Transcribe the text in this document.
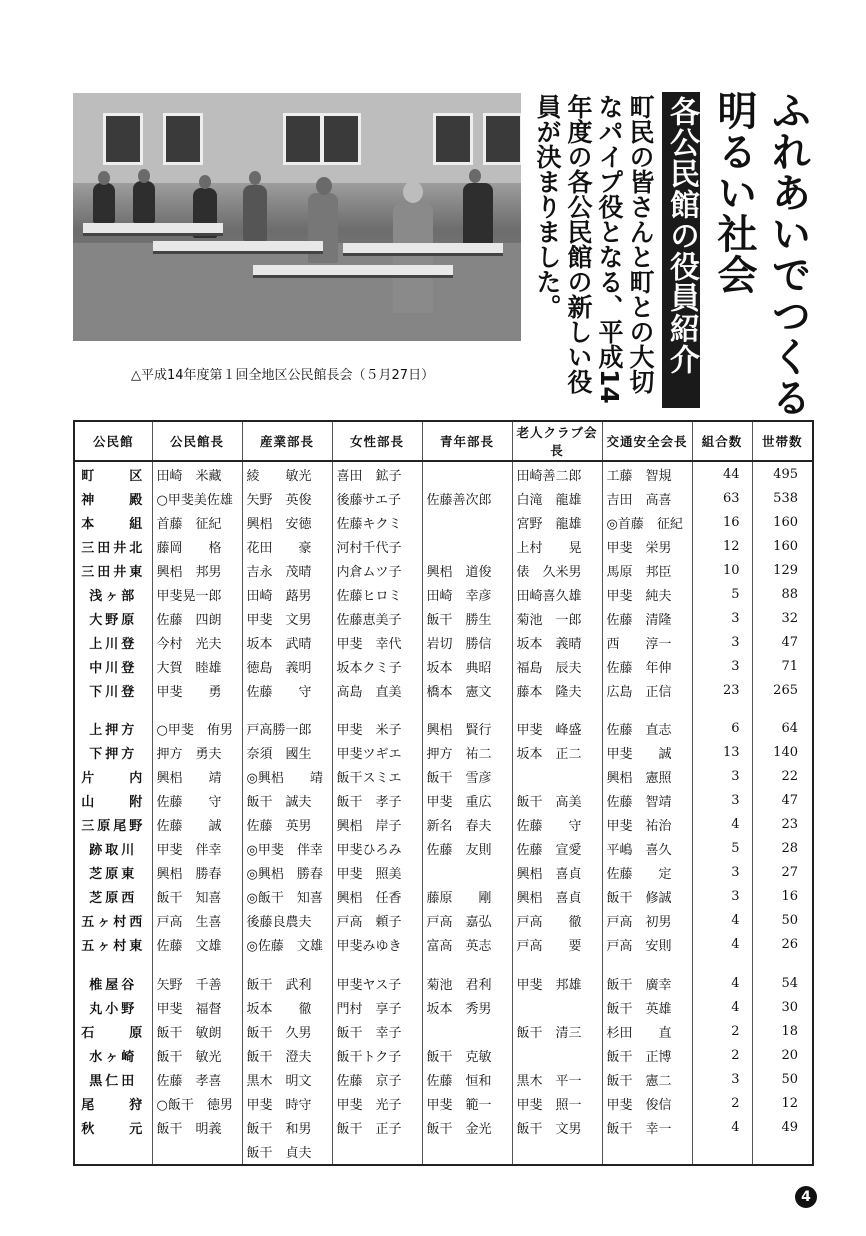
△平成14年度第１回全地区公民館長会（５月27日）	ふれあいでつくる
明るい社会
各公民館の役員紹介
町民の皆さんと町との大切なパイプ役となる、平成14年度の各公民館の新しい役員が決まりました。
公民館	公民館長	産業部長	女性部長	青年部長	老人クラブ会長	交通安全会長	組合数	世帯数
町　　区	田崎　米藏	綾　　敏光	喜田　鉱子		田崎善二郎	工藤　智規	44	495
神　　殿	○甲斐美佐雄	矢野　英俊	後藤サエ子	佐藤善次郎	白滝　龍雄	吉田　高喜	63	538
本　　組	首藤　征紀	興梠　安徳	佐藤キクミ		宮野　龍雄	◎首藤　征紀	16	160
三田井北	藤岡　　格	花田　　豪	河村千代子		上村　　晃	甲斐　栄男	12	160
三田井東	興梠　邦男	吉永　茂晴	内倉ムツ子	興梠　道俊	俵　久米男	馬原　邦臣	10	129
浅ヶ部	甲斐晃一郎	田崎　蕗男	佐藤ヒロミ	田崎　幸彦	田崎喜久雄	甲斐　純夫	5	88
大野原	佐藤　四朗	甲斐　文男	佐藤恵美子	飯干　勝生	菊池　一郎	佐藤　清隆	3	32
上川登	今村　光夫	坂本　武晴	甲斐　幸代	岩切　勝信	坂本　義晴	西　　淳一	3	47
中川登	大賀　睦雄	徳島　義明	坂本クミ子	坂本　典昭	福島　辰夫	佐藤　年伸	3	71
下川登	甲斐　　勇	佐藤　　守	高島　直美	橋本　憲文	藤本　隆夫	広島　正信	23	265

上押方	○甲斐　侑男	戸高勝一郎	甲斐　米子	興梠　賢行	甲斐　峰盛	佐藤　直志	6	64
下押方	押方　勇夫	奈須　國生	甲斐ツギエ	押方　祐二	坂本　正二	甲斐　　誠	13	140
片　　内	興梠　　靖	◎興梠　　靖	飯干スミエ	飯干　雪彦		興梠　憲照	3	22
山　　附	佐藤　　守	飯干　誠夫	飯干　孝子	甲斐　重広	飯干　高美	佐藤　智靖	3	47
三原尾野	佐藤　　誠	佐藤　英男	興梠　岸子	新名　春夫	佐藤　　守	甲斐　祐治	4	23
跡取川	甲斐　伴幸	◎甲斐　伴幸	甲斐ひろみ	佐藤　友則	佐藤　宣愛	平嶋　喜久	5	28
芝原東	興梠　勝春	◎興梠　勝春	甲斐　照美		興梠　喜貞	佐藤　　定	3	27
芝原西	飯干　知喜	◎飯干　知喜	興梠　任香	藤原　　剛	興梠　喜貞	飯干　修誠	3	16
五ヶ村西	戸高　生喜	後藤良農夫	戸高　頼子	戸高　嘉弘	戸高　　徹	戸高　初男	4	50
五ヶ村東	佐藤　文雄	◎佐藤　文雄	甲斐みゆき	富高　英志	戸高　　要	戸高　安則	4	26

椎屋谷	矢野　千善	飯干　武利	甲斐ヤス子	菊池　君利	甲斐　邦雄	飯干　廣幸	4	54
丸小野	甲斐　福督	坂本　　徹	門村　享子	坂本　秀男		飯干　英雄	4	30
石　　原	飯干　敏朗	飯干　久男	飯干　幸子		飯干　清三	杉田　　直	2	18
水ヶ崎	飯干　敏光	飯干　澄夫	飯干トク子	飯干　克敏		飯干　正博	2	20
黒仁田	佐藤　孝喜	黒木　明文	佐藤　京子	佐藤　恒和	黒木　平一	飯干　憲二	3	50
尾　　狩	○飯干　徳男	甲斐　時守	甲斐　光子	甲斐　範一	甲斐　照一	甲斐　俊信	2	12
秋　　元	飯干　明義	飯干　和男	飯干　正子	飯干　金光	飯干　文男	飯干　幸一	4	49
		飯干　貞夫						
4
